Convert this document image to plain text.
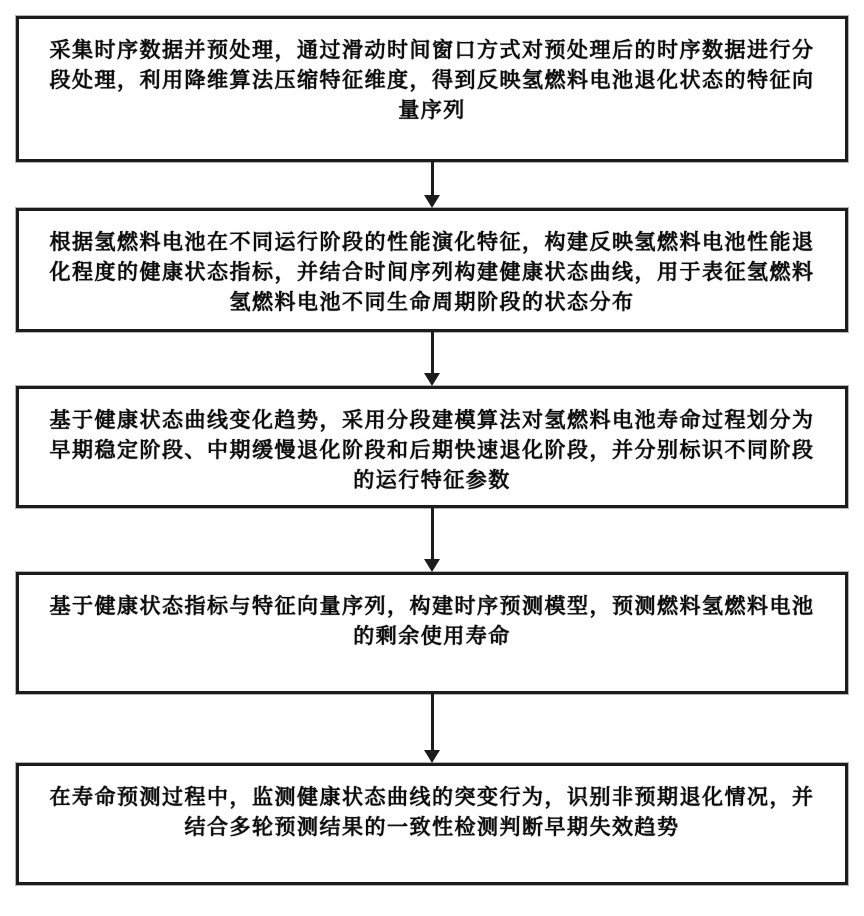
采集时序数据并预处理，通过滑动时间窗口方式对预处理后的时序数据进行分
段处理，利用降维算法压缩特征维度，得到反映氢燃料电池退化状态的特征向
量序列
根据氢燃料电池在不同运行阶段的性能演化特征，构建反映氢燃料电池性能退
化程度的健康状态指标，并结合时间序列构建健康状态曲线，用于表征氢燃料
氢燃料电池不同生命周期阶段的状态分布
基于健康状态曲线变化趋势，采用分段建模算法对氢燃料电池寿命过程划分为
早期稳定阶段、中期缓慢退化阶段和后期快速退化阶段，并分别标识不同阶段
的运行特征参数
基于健康状态指标与特征向量序列，构建时序预测模型，预测燃料氢燃料电池
的剩余使用寿命
在寿命预测过程中，监测健康状态曲线的突变行为，识别非预期退化情况，并
结合多轮预测结果的一致性检测判断早期失效趋势
